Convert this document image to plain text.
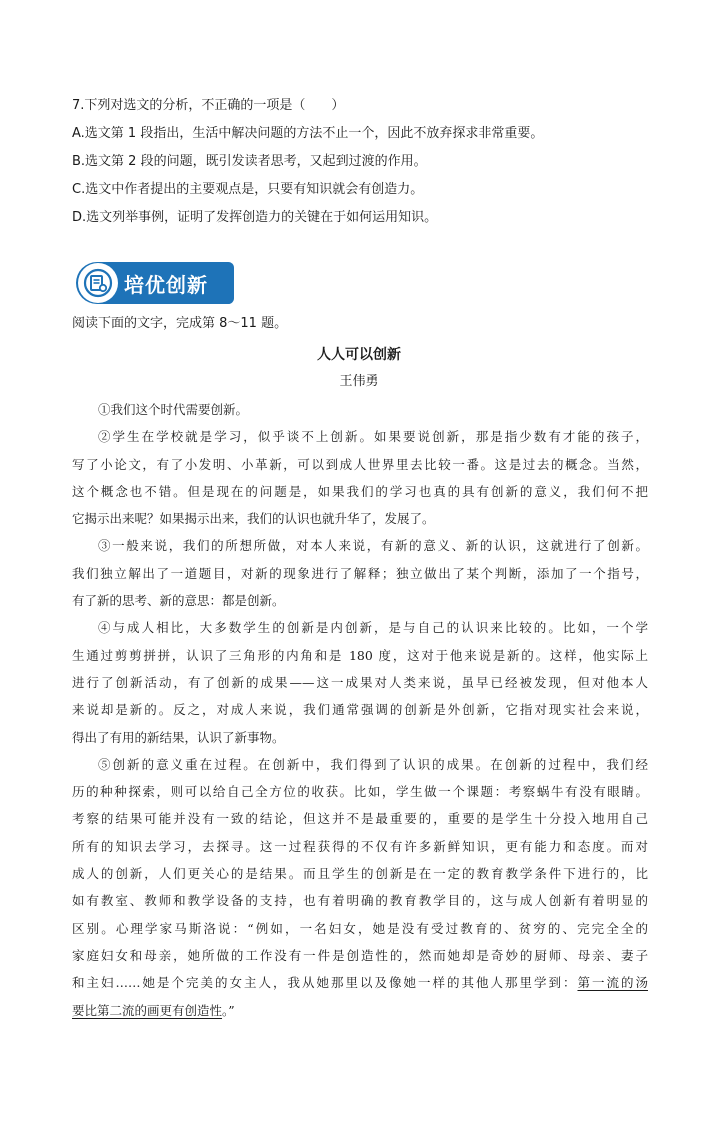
7.下列对选文的分析，不正确的一项是（　　）
A.选文第 1 段指出，生活中解决问题的方法不止一个，因此不放弃探求非常重要。
B.选文第 2 段的问题，既引发读者思考，又起到过渡的作用。
C.选文中作者提出的主要观点是，只要有知识就会有创造力。
D.选文列举事例，证明了发挥创造力的关键在于如何运用知识。
培优创新
阅读下面的文字，完成第 8～11 题。
人人可以创新
王伟勇
①我们这个时代需要创新。
②学生在学校就是学习，似乎谈不上创新。如果要说创新，那是指少数有才能的孩子，
写了小论文，有了小发明、小革新，可以到成人世界里去比较一番。这是过去的概念。当然，
这个概念也不错。但是现在的问题是，如果我们的学习也真的具有创新的意义，我们何不把
它揭示出来呢？如果揭示出来，我们的认识也就升华了，发展了。
③一般来说，我们的所想所做，对本人来说，有新的意义、新的认识，这就进行了创新。
我们独立解出了一道题目，对新的现象进行了解释；独立做出了某个判断，添加了一个指号，
有了新的思考、新的意思：都是创新。
④与成人相比，大多数学生的创新是内创新，是与自己的认识来比较的。比如，一个学
生通过剪剪拼拼，认识了三角形的内角和是 180 度，这对于他来说是新的。这样，他实际上
进行了创新活动，有了创新的成果——这一成果对人类来说，虽早已经被发现，但对他本人
来说却是新的。反之，对成人来说，我们通常强调的创新是外创新，它指对现实社会来说，
得出了有用的新结果，认识了新事物。
⑤创新的意义重在过程。在创新中，我们得到了认识的成果。在创新的过程中，我们经
历的种种探索，则可以给自己全方位的收获。比如，学生做一个课题：考察蜗牛有没有眼睛。
考察的结果可能并没有一致的结论，但这并不是最重要的，重要的是学生十分投入地用自己
所有的知识去学习，去探寻。这一过程获得的不仅有许多新鲜知识，更有能力和态度。而对
成人的创新，人们更关心的是结果。而且学生的创新是在一定的教育教学条件下进行的，比
如有教室、教师和教学设备的支持，也有着明确的教育教学目的，这与成人创新有着明显的
区别。心理学家马斯洛说：“例如，一名妇女，她是没有受过教育的、贫穷的、完完全全的
家庭妇女和母亲，她所做的工作没有一件是创造性的，然而她却是奇妙的厨师、母亲、妻子
和主妇……她是个完美的女主人，我从她那里以及像她一样的其他人那里学到：第一流的汤
要比第二流的画更有创造性。”
